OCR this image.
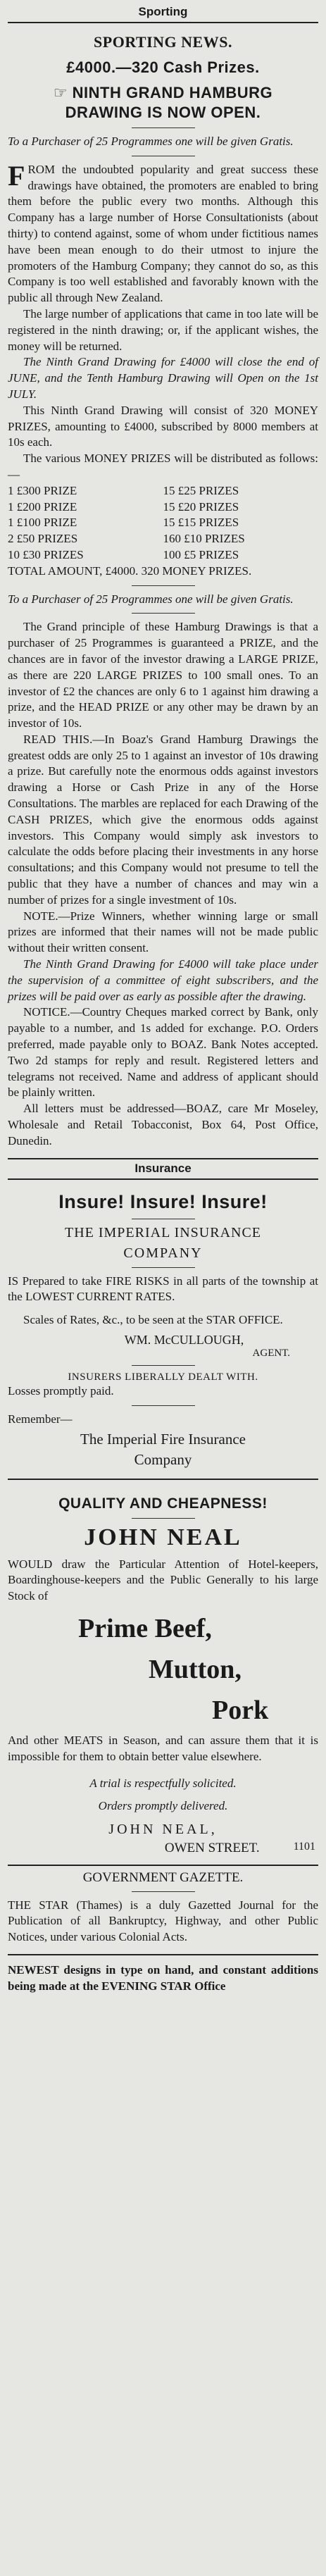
Sporting
SPORTING NEWS.
£4000.—320 Cash Prizes.
☞ NINTH GRAND HAMBURG
DRAWING IS NOW OPEN.

To a Purchaser of 25 Programmes one will be given Gratis.

FROM the undoubted popularity and great success these drawings have obtained, the promoters are enabled to bring them before the public every two months. Although this Company has a large number of Horse Consultationists (about thirty) to contend against, some of whom under fictitious names have been mean enough to do their utmost to injure the promoters of the Hamburg Company; they cannot do so, as this Company is too well established and favorably known with the public all through New Zealand.

The large number of applications that came in too late will be registered in the ninth drawing; or, if the applicant wishes, the money will be returned.

The Ninth Grand Drawing for £4000 will close the end of JUNE, and the Tenth Hamburg Drawing will Open on the 1st JULY.

This Ninth Grand Drawing will consist of 320 MONEY PRIZES, amounting to £4000, subscribed by 8000 members at 10s each.

The various MONEY PRIZES will be distributed as follows:—

1 £300 PRIZE	15 £25 PRIZES
1 £200 PRIZE	15 £20 PRIZES
1 £100 PRIZE	15 £15 PRIZES
2 £50 PRIZES	160 £10 PRIZES
10 £30 PRIZES	100 £5 PRIZES

TOTAL AMOUNT, £4000. 320 MONEY PRIZES.

To a Purchaser of 25 Programmes one will be given Gratis.

The Grand principle of these Hamburg Drawings is that a purchaser of 25 Programmes is guaranteed a PRIZE, and the chances are in favor of the investor drawing a LARGE PRIZE, as there are 220 LARGE PRIZES to 100 small ones. To an investor of £2 the chances are only 6 to 1 against him drawing a prize, and the HEAD PRIZE or any other may be drawn by an investor of 10s.

READ THIS.—In Boaz's Grand Hamburg Drawings the greatest odds are only 25 to 1 against an investor of 10s drawing a prize. But carefully note the enormous odds against investors drawing a Horse or Cash Prize in any of the Horse Consultations. The marbles are replaced for each Drawing of the CASH PRIZES, which give the enormous odds against investors. This Company would simply ask investors to calculate the odds before placing their investments in any horse consultations; and this Company would not presume to tell the public that they have a number of chances and may win a number of prizes for a single investment of 10s.

NOTE.—Prize Winners, whether winning large or small prizes are informed that their names will not be made public without their written consent.

The Ninth Grand Drawing for £4000 will take place under the supervision of a committee of eight subscribers, and the prizes will be paid over as early as possible after the drawing.

NOTICE.—Country Cheques marked correct by Bank, only payable to a number, and 1s added for exchange. P.O. Orders preferred, made payable only to BOAZ. Bank Notes accepted. Two 2d stamps for reply and result. Registered letters and telegrams not received. Name and address of applicant should be plainly written.

All letters must be addressed—BOAZ, care Mr Moseley, Wholesale and Retail Tobacconist, Box 64, Post Office, Dunedin.

Insurance
Insure! Insure! Insure!
THE IMPERIAL INSURANCE
COMPANY

IS Prepared to take FIRE RISKS in all parts of the township at the LOWEST CURRENT RATES.

Scales of Rates, &c., to be seen at the STAR OFFICE.

WM. McCULLOUGH,
AGENT.
INSURERS LIBERALLY DEALT WITH.
Losses promptly paid.
Remember—
The Imperial Fire Insurance
Company
QUALITY AND CHEAPNESS!
JOHN NEAL

WOULD draw the Particular Attention of Hotel-keepers, Boardinghouse-keepers and the Public Generally to his large Stock of

Prime Beef,
Mutton,
Pork

And other MEATS in Season, and can assure them that it is impossible for them to obtain better value elsewhere.

A trial is respectfully solicited.
Orders promptly delivered.
JOHN NEAL,
OWEN STREET.	1101
GOVERNMENT GAZETTE.

THE STAR (Thames) is a duly Gazetted Journal for the Publication of all Bankruptcy, Highway, and other Public Notices, under various Colonial Acts.

NEWEST designs in type on hand, and constant additions being made at the EVENING STAR Office
